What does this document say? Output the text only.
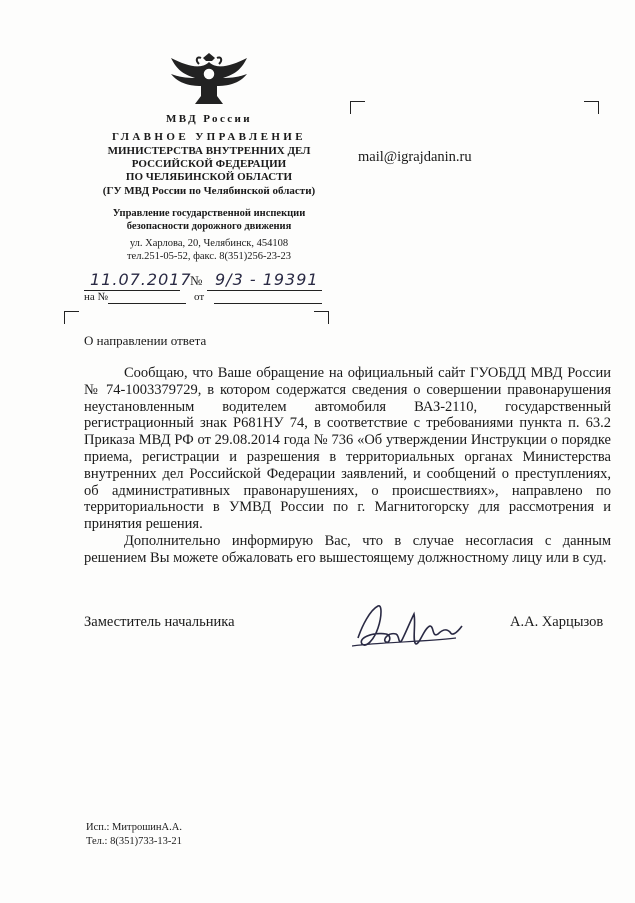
МВД России
ГЛАВНОЕ УПРАВЛЕНИЕ
МИНИСТЕРСТВА ВНУТРЕННИХ ДЕЛ
РОССИЙСКОЙ ФЕДЕРАЦИИ
ПО ЧЕЛЯБИНСКОЙ ОБЛАСТИ
(ГУ МВД России по Челябинской области)
Управление государственной инспекции
безопасности дорожного движения
ул. Харлова, 20, Челябинск, 454108
тел.251-05-52, факс. 8(351)256-23-23
11.07.2017
№ 9/3 - 19391
на №	от
mail@igrajdanin.ru
О направлении ответа

Сообщаю, что Ваше обращение на официальный сайт ГУОБДД МВД России № 74-1003379729, в котором содержатся сведения о совершении правонарушения неустановленным водителем автомобиля ВАЗ-2110, государственный регистрационный знак Р681НУ 74, в соответствие с требованиями пункта п. 63.2 Приказа МВД РФ от 29.08.2014 года № 736 «Об утверждении Инструкции о порядке приема, регистрации и разрешения в территориальных органах Министерства внутренних дел Российской Федерации заявлений, и сообщений о преступлениях, об административных правонарушениях, о происшествиях», направлено по территориальности в УМВД России по г. Магнитогорску для рассмотрения и принятия решения.

Дополнительно информирую Вас, что в случае несогласия с данным решением Вы можете обжаловать его вышестоящему должностному лицу или в суд.

Заместитель начальника	А.А. Харцызов
Исп.: МитрошинА.А.
Тел.: 8(351)733-13-21
